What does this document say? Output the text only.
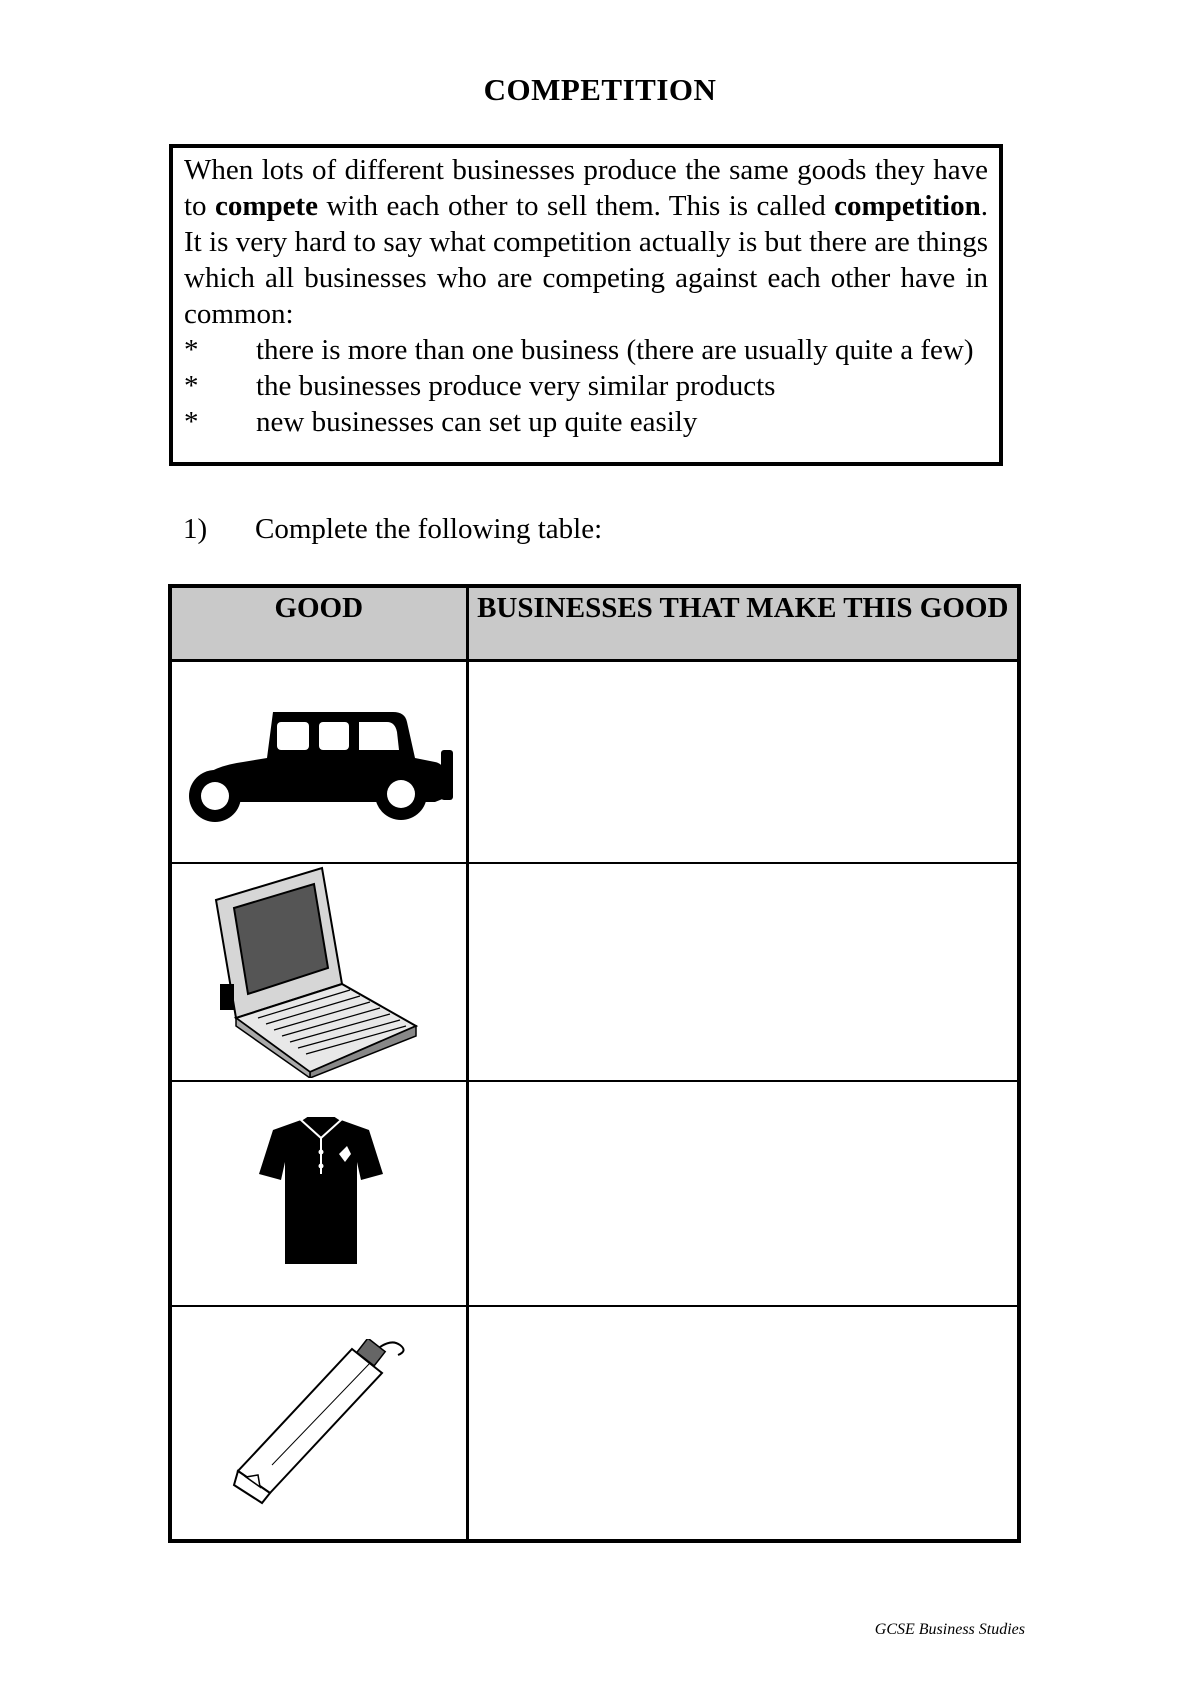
COMPETITION

When lots of different businesses produce the same goods they have to compete with each other to sell them. This is called competition. It is very hard to say what competition actually is but there are things which all businesses who are competing against each other have in common:

*	there is more than one business (there are usually quite a few)
*	the businesses produce very similar products
*	new businesses can set up quite easily
1)	Complete the following table:
GOOD	BUSINESSES THAT MAKE THIS GOOD

GCSE Business Studies
